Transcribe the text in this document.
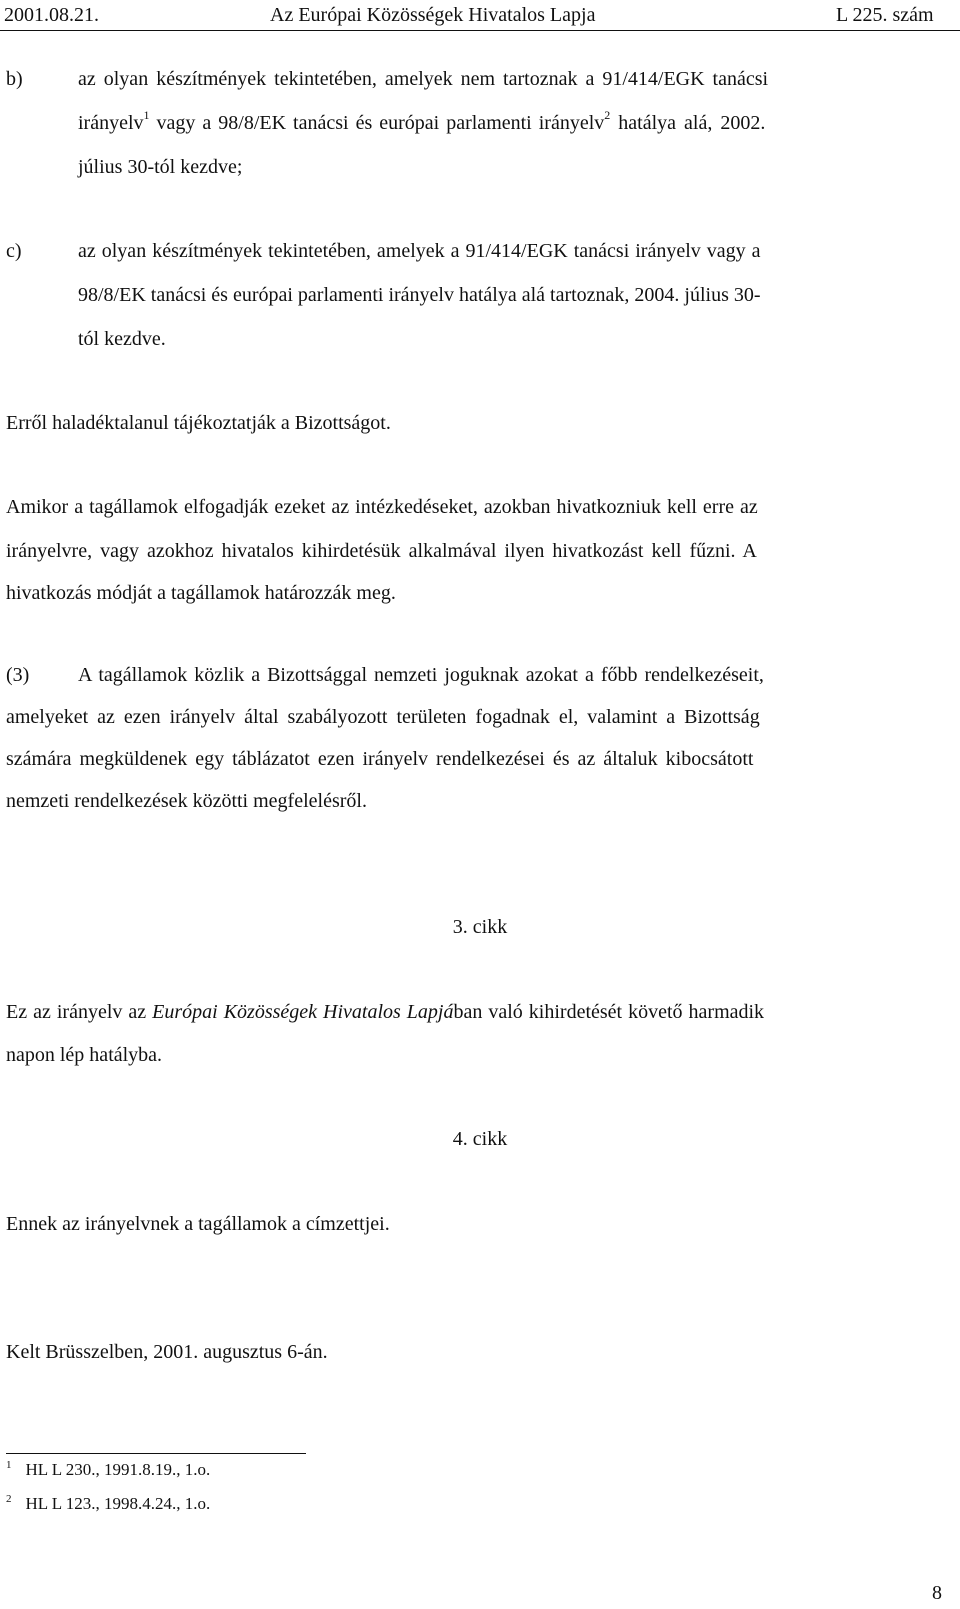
2001.08.21.	Az Európai Közösségek Hivatalos Lapja	L 225. szám
b)	az olyan készítmények tekintetében, amelyek nem tartoznak a 91/414/EGK tanácsi
irányelv$^1$ vagy a 98/8/EK tanácsi és európai parlamenti irányelv$^2$ hatálya alá, 2002.
július 30-tól kezdve;
c)	az olyan készítmények tekintetében, amelyek a 91/414/EGK tanácsi irányelv vagy a
98/8/EK tanácsi és európai parlamenti irányelv hatálya alá tartoznak, 2004. július 30-
tól kezdve.
Erről haladéktalanul tájékoztatják a Bizottságot.
Amikor a tagállamok elfogadják ezeket az intézkedéseket, azokban hivatkozniuk kell erre az
irányelvre, vagy azokhoz hivatalos kihirdetésük alkalmával ilyen hivatkozást kell fűzni. A
hivatkozás módját a tagállamok határozzák meg.
(3) A tagállamok közlik a Bizottsággal nemzeti joguknak azokat a főbb rendelkezéseit,
amelyeket az ezen irányelv által szabályozott területen fogadnak el, valamint a Bizottság
számára megküldenek egy táblázatot ezen irányelv rendelkezései és az általuk kibocsátott
nemzeti rendelkezések közötti megfelelésről.
3. cikk
Ez az irányelv az Európai Közösségek Hivatalos Lapjában való kihirdetését követő harmadik
napon lép hatályba.
4. cikk
Ennek az irányelvnek a tagállamok a címzettjei.
Kelt Brüsszelben, 2001. augusztus 6-án.
$^1$ HL L 230., 1991.8.19., 1.o.
$^2$ HL L 123., 1998.4.24., 1.o.
8
